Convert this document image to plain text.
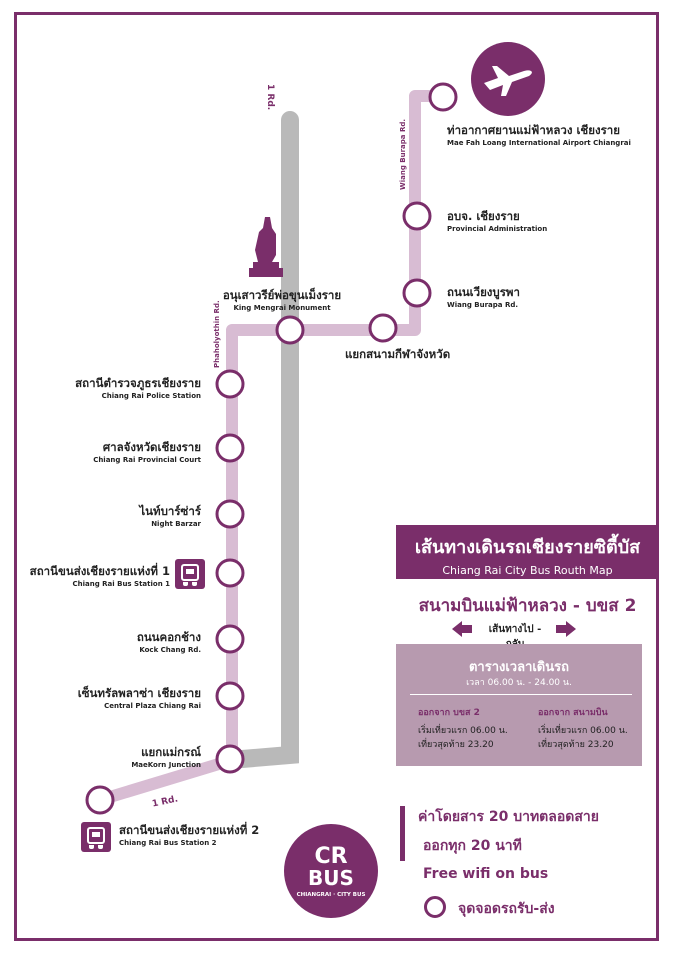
1 Rd.
1 Rd.
Phaholyothin Rd.
Wiang Burapa Rd.	ท่าอากาศยานแม่ฟ้าหลวง เชียงราย
Mae Fah Loang International Airport Chiangrai
อบจ. เชียงราย
Provincial Administration
ถนนเวียงบูรพา
Wiang Burapa Rd.
แยกสนามกีฬาจังหวัด
อนุเสาวรีย์พ่อขุนเม็งราย
King Mengrai Monument
สถานีตำรวจภูธรเชียงราย
Chiang Rai Police Station
ศาลจังหวัดเชียงราย
Chiang Rai Provincial Court
ไนท์บาร์ซ่าร์
Night Barzar
สถานีขนส่งเชียงรายแห่งที่ 1
Chiang Rai Bus Station 1
ถนนคอกช้าง
Kock Chang Rd.
เซ็นทรัลพลาซ่า เชียงราย
Central Plaza Chiang Rai
แยกแม่กรณ์
MaeKorn Junction
สถานีขนส่งเชียงรายแห่งที่ 2
Chiang Rai Bus Station 2
เส้นทางเดินรถเชียงรายซิตี้บัส
Chiang Rai City Bus Routh Map
สนามบินแม่ฟ้าหลวง - บขส 2
เส้นทางไป -
ตารางเวลาเดินรถ
เวลา 06.00 น. - 24.00 น.
ออกจาก บขส 2
เริ่มเที่ยวแรก 06.00 น.
เที่ยวสุดท้าย 23.20
ออกจาก สนามบิน
เริ่มเที่ยวแรก 06.00 น.
เที่ยวสุดท้าย 23.20
ค่าโดยสาร 20 บาทตลอดสาย
ออกทุก 20 นาที
Free wifi on bus
จุดจอดรถรับ-ส่ง
CR
BUS
CHIANGRAI · CITY BUS
